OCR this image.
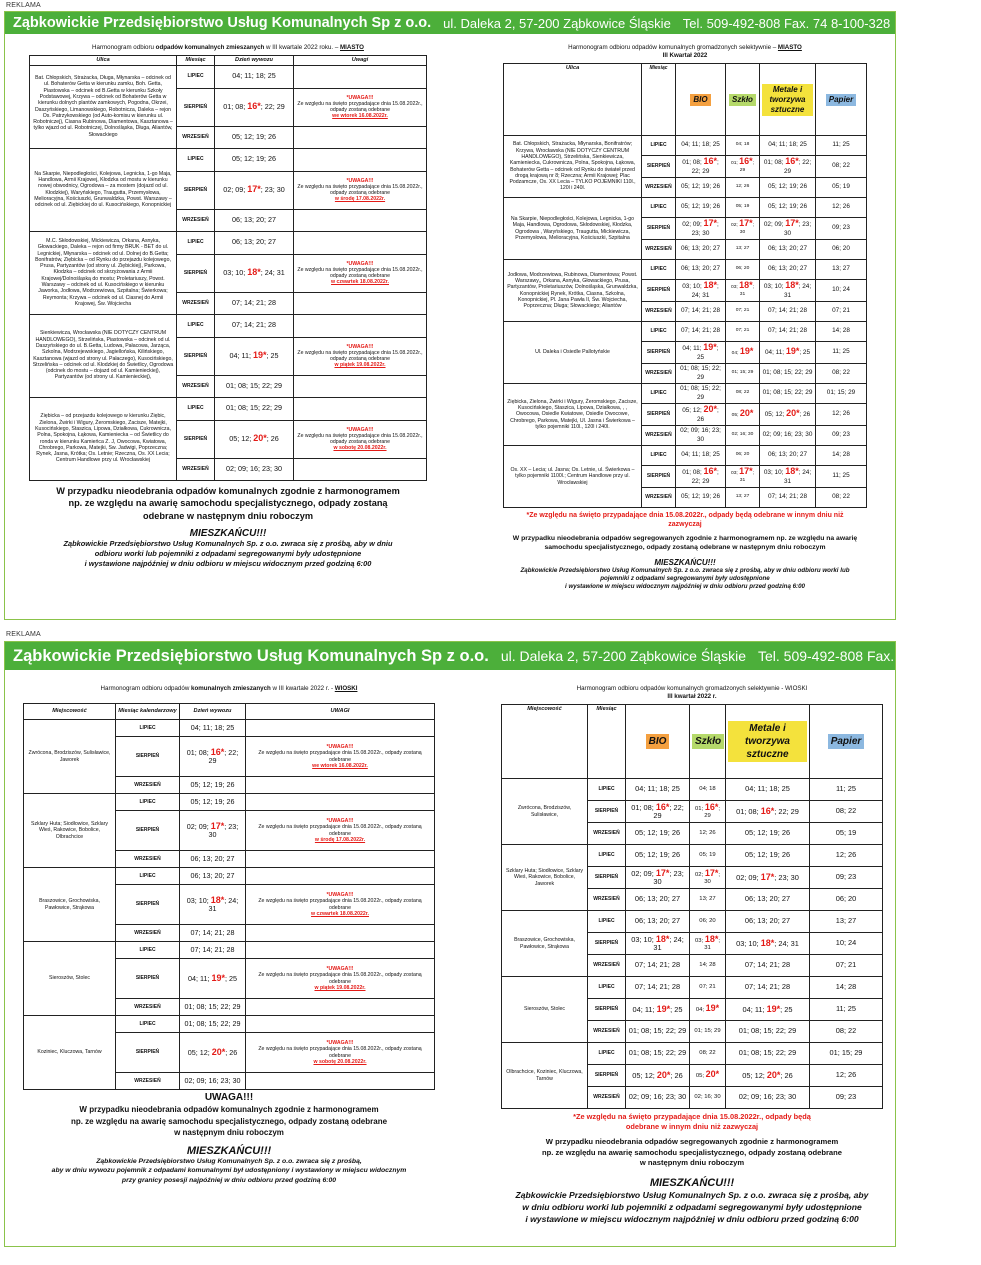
REKLAMA
Ząbkowickie Przedsiębiorstwo Usług Komunalnych Sp z o.o. ul. Daleka 2, 57-200 Ząbkowice Śląskie Tel. 509-492-808 Fax. 74 8-100-328
Harmonogram odbioru odpadów komunalnych zmieszanych w III kwartale 2022 roku. – MIASTO
Ulica	Miesiąc	Dzień wywozu	Uwagi
Bat. Chłopskich, Strażacka, Długa, Młynarska – odcinek od ul. Bohaterów Getta w kierunku zamku, Boh. Getta, Piastowska – odcinek od B.Getta w kierunku Szkoły Podstawowej, Krzywa – odcinek od Bohaterów Getta w kierunku dolnych plantów zamkowych, Pogodna, Okrzei, Daszyńskiego, Limanowskiego, Robotnicza, Daleka – rejon Os. Patrzykowskiego (od Auto-komisu w kierunku ul. Robotniczej), Ciasna Rubinowa, Diamentowa, Kasztanowa – tylko wjazd od ul. Robotniczej, Dolnośląska, Długa, Aliantów, Słowackiego	LIPIEC	04; 11; 18; 25	
	SIERPIEŃ	01; 08; 16*; 22; 29	*UWAGA!!!
Ze względu na święto przypadające dnia 15.08.2022r., odpady zostaną odebrane
we wtorek 16.08.2022r.

	WRZESIEŃ	05; 12; 19; 26	
Na Skarpie, Niepodległości, Kolejowa, Legnicka, 1-go Maja, Handlowa, Armii Krajowej, Kłodzka od mostu w kierunku nowej obwodnicy, Ogrodowa – za mostem (dojazd od ul. Kłodzkiej), Waryńskiego, Traugutta, Przemysłowa, Melioracyjna, Kościuszki, Grunwaldzka, Powst. Warszawy – odcinek od ul. Ziębickiej do ul. Kusocińskiego, Konopnickiej	LIPIEC	05; 12; 19; 26	
	SIERPIEŃ	02; 09; 17*; 23; 30	*UWAGA!!!
Ze względu na święto przypadające dnia 15.08.2022r., odpady zostaną odebrane
w środę 17.08.2022r.

	WRZESIEŃ	06; 13; 20; 27	
M.C. Skłodowskiej, Mickiewicza, Orkana, Asnyka, Głowackiego, Daleka – rejon od firmy BRUK - BET do ul. Legnickiej, Młynarska – odcinek od ul. Dolnej do B.Getta; Bonifratrów, Ziębicka – od Rynku do przejazdu kolejowego, Prusa, Partyzantów (od strony ul. Ziębickiej), Parkowa, Kłodzka – odcinek od skrzyżowania z Armii Krajowej/Dolnośląską do mostu; Proletariuszy, Powst. Warszawy – odcinek od ul. Kusocińskiego w kierunku Jaworka, Jodłowa, Modrzewiowa, Szpitalna; Świerkowa; Reymonta; Krzywa – odcinek od ul. Ciasnej do Armii Krajowej, Św. Wojciecha	LIPIEC	06; 13; 20; 27	
	SIERPIEŃ	03; 10; 18*; 24; 31	*UWAGA!!!
Ze względu na święto przypadające dnia 15.08.2022r., odpady zostaną odebrane
w czwartek 18.08.2022r.

	WRZESIEŃ	07; 14; 21; 28	
Sienkiewicza, Wrocławska (NIE DOTYCZY CENTRUM HANDLOWEGO), Strzelińska, Piastowska – odcinek od ul. Daszyńskiego do ul. B.Getta, Ludowa, Pałacowa, Jarząca, Szkolna, Modrzejewskiego, Jagiellońska, Kilińskiego, Kasztanowa (wjazd od strony ul. Pałaczego), Kusocińskiego, Strzelińska – odcinek od ul. Kłodzkiej do Świetlicy, Ogrodowa (odcinek do mostu – dojazd od ul. Kamienieckiej), Partyzantów (od strony ul. Kamienieckiej),	LIPIEC	07; 14; 21; 28	
	SIERPIEŃ	04; 11; 19*; 25	*UWAGA!!!
Ze względu na święto przypadające dnia 15.08.2022r., odpady zostaną odebrane
w piątek 19.08.2022r.

	WRZESIEŃ	01; 08; 15; 22; 29	
Ziębicka – od przejazdu kolejowego w kierunku Ziębic, Zielona, Żwirki i Wigury, Żeromskiego, Zacisze, Matejki, Kusocińskiego, Staszica, Lipowa, Działkowa, Cukrownicza, Polna, Spokojna, Łąkowa, Kamieniecka – od Świetlicy do ronda w kierunku Kamieńca Z. J, Owocowa, Kwiatowa, Chrobrego, Parkowa, Matejki, Sw. Jadwigi, Poprzeczna; Rynek, Jasna, Krótka; Os. Letnie; Rzeczna, Os. XX Lecia; Centrum Handlowe przy ul. Wrocławskiej	LIPIEC	01; 08; 15; 22; 29	
	SIERPIEŃ	05; 12; 20*; 26	*UWAGA!!!
Ze względu na święto przypadające dnia 15.08.2022r., odpady zostaną odebrane
w sobotę 20.08.2022r.

	WRZESIEŃ	02; 09; 16; 23; 30	
W przypadku nieodebrania odpadów komunalnych zgodnie z harmonogramem
np. ze względu na awarię samochodu specjalistycznego, odpady zostaną
odebrane w następnym dniu roboczym
MIESZKAŃCU!!!
Ząbkowickie Przedsiębiorstwo Usług Komunalnych Sp. z o.o. zwraca się z prośbą, aby w dniu
odbioru worki lub pojemniki z odpadami segregowanymi były udostępnione
i wystawione najpóźniej w dniu odbioru w miejscu widocznym przed godziną 6:00
Harmonogram odbioru odpadów komunalnych gromadzonych selektywnie – MIASTO
III Kwartał 2022
Ulica	Miesiąc	BIO	Szkło	Metale i tworzywa sztuczne	Papier
Bat. Chłopskich, Strażacka, Młynarska, Bonifratrów; Krzywa, Wrocławska (NIE DOTYCZY CENTRUM HANDLOWEGO), Strzelińska, Sienkiewicza, Kamieniecka, Cukrownicza, Polna, Spokojna, Łąkowa, Bohaterów Getta – odcinek od Rynku do świateł przed drogą krajową nr 8; Rzeczna; Armii Krajowej; Plac Podzamcze, Os. XX Lecia – TYLKO POJEMNIKI 110l., 120l i 240l.	LIPIEC	04; 11; 18; 25	04; 18	04; 11; 18; 25	11; 25
	SIERPIEŃ	01; 08; 16*; 22; 29	01; 16*; 29	01; 08; 16*; 22; 29	08; 22
	WRZESIEŃ	05; 12; 19; 26	12; 26	05; 12; 19; 26	05; 19
Na Skarpie, Niepodległości, Kolejowa, Legnicka, 1-go Maja, Handlowa, Ogrodowa, Skłodowskiej, Kłodzka, Ogrodowa , Waryńskiego, Traugutta, Mickiewicza, Przemysłowa, Melioracyjna, Kościuszki, Szpitalna	LIPIEC	05; 12; 19; 26	05; 19	05; 12; 19; 26	12; 26
	SIERPIEŃ	02; 09; 17*; 23; 30	02; 17*; 30	02; 09; 17*; 23; 30	09; 23
	WRZESIEŃ	06; 13; 20; 27	13; 27	06; 13; 20; 27	06; 20
Jodłowa, Modrzewiowa, Rubinowa, Diamentowa; Powst. Warszawy,, Orkana, Asnyka, Głowackiego, Prusa, Partyzantów, Proletariuszów, Dolnośląska, Grunwaldzka, Konopnickiej Rynek, Krótka, Ciasna, Szkolna, Konopnickiej, Pl. Jana Pawła II, Św. Wojciecha, Poprzeczna; Długa; Słowackiego; Aliantów	LIPIEC	06; 13; 20; 27	06; 20	06; 13; 20; 27	13; 27
	SIERPIEŃ	03; 10; 18*; 24; 31	03; 18*; 31	03; 10; 18*; 24; 31	10; 24
	WRZESIEŃ	07; 14; 21; 28	07; 21	07; 14; 21; 28	07; 21
Ul. Daleka i Osiedle Pallotyńskie	LIPIEC	07; 14; 21; 28	07; 21	07; 14; 21; 28	14; 28
	SIERPIEŃ	04; 11; 19*; 25	04; 19*	04; 11; 19*; 25	11; 25
	WRZESIEŃ	01; 08; 15; 22; 29	01; 15; 29	01; 08; 15; 22; 29	08; 22
Ziębicka, Zielona, Żwirki i Wigury, Żeromskiego, Zacisze, Kusocińskiego, Staszica, Lipowa, Działkowa, , , Owocowa, Osiedle Kwiatowe, Osiedle Owocowe, Chrobrego, Parkowa, Matejki, Ul. Jasna i Świerkowa – tylko pojemniki 110l., 120l i 240l.	LIPIEC	01; 08; 15; 22; 29	08; 22	01; 08; 15; 22; 29	01; 15; 29
	SIERPIEŃ	05; 12; 20*; 26	05; 20*	05; 12; 20*; 26	12; 26
	WRZESIEŃ	02; 09; 16; 23; 30	02; 16; 30	02; 09; 16; 23; 30	09; 23
Os. XX – Lecia; ul. Jasna; Os. Letnie, ul. Świerkowa – tylko pojemniki 1100l.; Centrum Handlowe przy ul. Wrocławskiej	LIPIEC	04; 11; 18; 25	06; 20	06; 13; 20; 27	14; 28
	SIERPIEŃ	01; 08; 16*; 22; 29	03; 17*; 31	03; 10; 18*; 24; 31	11; 25
	WRZESIEŃ	05; 12; 19; 26	13; 27	07; 14; 21; 28	08; 22
*Ze względu na święto przypadające dnia 15.08.2022r., odpady będą odebrane w innym dniu niż
zazwyczaj
W przypadku nieodebrania odpadów segregowanych zgodnie z harmonogramem np. ze względu na awarię
samochodu specjalistycznego, odpady zostaną odebrane w następnym dniu roboczym
MIESZKAŃCU!!!
Ząbkowickie Przedsiębiorstwo Usług Komunalnych Sp. z o.o. zwraca się z prośbą, aby w dniu odbioru worki lub
pojemniki z odpadami segregowanymi były udostępnione
i wystawione w miejscu widocznym najpóźniej w dniu odbioru przed godziną 6:00
REKLAMA
Ząbkowickie Przedsiębiorstwo Usług Komunalnych Sp z o.o. ul. Daleka 2, 57-200 Ząbkowice Śląskie Tel. 509-492-808 Fax. 74 8-100-328
Harmonogram odbioru odpadów komunalnych zmieszanych w III kwartale 2022 r. - WIOSKI
Miejscowość	Miesiąc kalendarzowy	Dzień wywozu	UWAGI
Zwrócona, Brodziszów, Sulisławice, Jaworek	LIPIEC	04; 11; 18; 25	
	SIERPIEŃ	01; 08; 16*; 22; 29	*UWAGA!!!
Ze względu na święto przypadające dnia 15.08.2022r., odpady zostaną odebrane
we wtorek 16.08.2022r.

	WRZESIEŃ	05; 12; 19; 26	
Szklary Huta; Siodłowice, Szklary Wieś, Rakowice, Bobolice, Olbrachcice	LIPIEC	05; 12; 19; 26	
	SIERPIEŃ	02; 09; 17*; 23; 30	*UWAGA!!!
Ze względu na święto przypadające dnia 15.08.2022r., odpady zostaną odebrane
w środę 17.08.2022r.

	WRZESIEŃ	06; 13; 20; 27	
Braszowice, Grochowiska, Pawłowice, Strąkowa	LIPIEC	06; 13; 20; 27	
	SIERPIEŃ	03; 10; 18*; 24; 31	*UWAGA!!!
Ze względu na święto przypadające dnia 15.08.2022r., odpady zostaną odebrane
w czwartek 18.08.2022r.

	WRZESIEŃ	07; 14; 21; 28	
Sieroszów, Stolec	LIPIEC	07; 14; 21; 28	
	SIERPIEŃ	04; 11; 19*; 25	*UWAGA!!!
Ze względu na święto przypadające dnia 15.08.2022r., odpady zostaną odebrane
w piątek 19.08.2022r.

	WRZESIEŃ	01; 08; 15; 22; 29	
Koziniec, Kluczowa, Tarnów	LIPIEC	01; 08; 15; 22; 29	
	SIERPIEŃ	05; 12; 20*; 26	*UWAGA!!!
Ze względu na święto przypadające dnia 15.08.2022r., odpady zostaną odebrane
w sobotę 20.08.2022r.

	WRZESIEŃ	02; 09; 16; 23; 30	
UWAGA!!!
W przypadku nieodebrania odpadów komunalnych zgodnie z harmonogramem
np. ze względu na awarię samochodu specjalistycznego, odpady zostaną odebrane
w następnym dniu roboczym
MIESZKAŃCU!!!
Ząbkowickie Przedsiębiorstwo Usług Komunalnych Sp. z o.o. zwraca się z prośbą,
aby w dniu wywozu pojemnik z odpadami komunalnymi był udostępniony i wystawiony w miejscu widocznym
przy granicy posesji najpóźniej w dniu odbioru przed godziną 6:00
Harmonogram odbioru odpadów komunalnych gromadzonych selektywnie - WIOSKI
III kwartał 2022 r.
Miejscowość	Miesiąc	BIO	Szkło	Metale i tworzywa sztuczne	Papier
Zwrócona, Brodziszów, Sulisławice,	LIPIEC	04; 11; 18; 25	04; 18	04; 11; 18; 25	11; 25
	SIERPIEŃ	01; 08; 16*; 22; 29	01; 16*; 29	01; 08; 16*; 22; 29	08; 22
	WRZESIEŃ	05; 12; 19; 26	12; 26	05; 12; 19; 26	05; 19
Szklary Huta; Siodłowice, Szklary Wieś, Rakowice, Bobolice, Jaworek	LIPIEC	05; 12; 19; 26	05; 19	05; 12; 19; 26	12; 26
	SIERPIEŃ	02; 09; 17*; 23; 30	02; 17*; 30	02; 09; 17*; 23; 30	09; 23
	WRZESIEŃ	06; 13; 20; 27	13; 27	06; 13; 20; 27	06; 20
Braszowice, Grochowiska, Pawłowice, Strąkowa	LIPIEC	06; 13; 20; 27	06; 20	06; 13; 20; 27	13; 27
	SIERPIEŃ	03; 10; 18*; 24; 31	03; 18*; 31	03; 10; 18*; 24; 31	10; 24
	WRZESIEŃ	07; 14; 21; 28	14; 28	07; 14; 21; 28	07; 21
Sieroszów, Stolec	LIPIEC	07; 14; 21; 28	07; 21	07; 14; 21; 28	14; 28
	SIERPIEŃ	04; 11; 19*; 25	04; 19*	04; 11; 19*; 25	11; 25
	WRZESIEŃ	01; 08; 15; 22; 29	01; 15; 29	01; 08; 15; 22; 29	08; 22
Olbrachcice, Koziniec, Kluczowa, Tarnów	LIPIEC	01; 08; 15; 22; 29	08; 22	01; 08; 15; 22; 29	01; 15; 29
	SIERPIEŃ	05; 12; 20*; 26	05; 20*	05; 12; 20*; 26	12; 26
	WRZESIEŃ	02; 09; 16; 23; 30	02; 16; 30	02; 09; 16; 23; 30	09; 23
*Ze względu na święto przypadające dnia 15.08.2022r., odpady będą
odebrane w innym dniu niż zazwyczaj
W przypadku nieodebrania odpadów segregowanych zgodnie z harmonogramem
np. ze względu na awarię samochodu specjalistycznego, odpady zostaną odebrane
w następnym dniu roboczym
MIESZKAŃCU!!!
Ząbkowickie Przedsiębiorstwo Usług Komunalnych Sp. z o.o. zwraca się z prośbą, aby
w dniu odbioru worki lub pojemniki z odpadami segregowanymi były udostępnione
i wystawione w miejscu widocznym najpóźniej w dniu odbioru przed godziną 6:00
